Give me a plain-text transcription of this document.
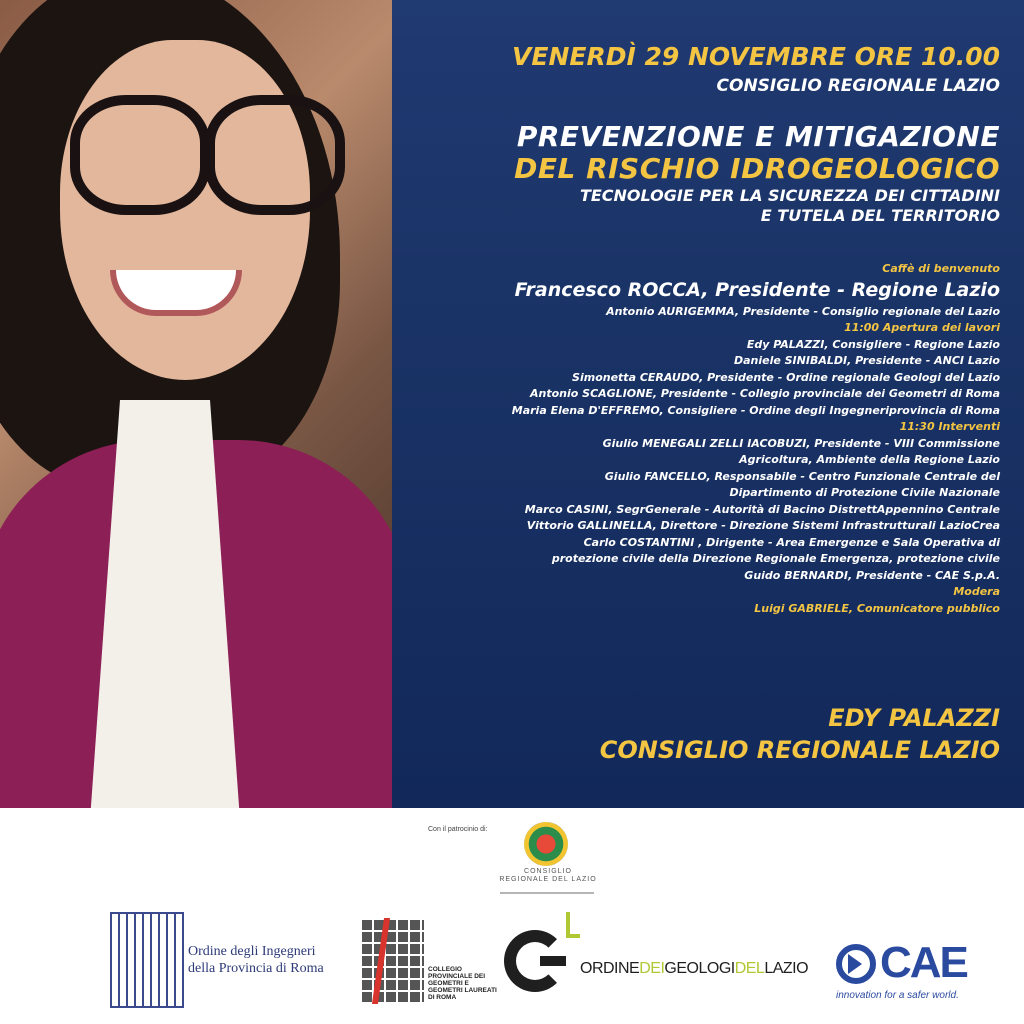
VENERDÌ 29 NOVEMBRE ORE 10.00

CONSIGLIO REGIONALE LAZIO

PREVENZIONE E MITIGAZIONE

DEL RISCHIO IDROGEOLOGICO

TECNOLOGIE PER LA SICUREZZA DEI CITTADINI

E TUTELA DEL TERRITORIO

Caffè di benvenuto

Francesco ROCCA, Presidente - Regione Lazio

Antonio AURIGEMMA, Presidente - Consiglio regionale del Lazio

11:00 Apertura dei lavori

Edy PALAZZI, Consigliere - Regione Lazio

Daniele SINIBALDI, Presidente - ANCI Lazio

Simonetta CERAUDO, Presidente - Ordine regionale Geologi del Lazio

Antonio SCAGLIONE, Presidente - Collegio provinciale dei Geometri di Roma

Maria Elena D'EFFREMO, Consigliere - Ordine degli Ingegneriprovincia di Roma

11:30 Interventi

Giulio MENEGALI ZELLI IACOBUZI, Presidente - VIII Commissione

Agricoltura, Ambiente della Regione Lazio

Giulio FANCELLO, Responsabile - Centro Funzionale Centrale del

Dipartimento di Protezione Civile Nazionale

Marco CASINI, SegrGenerale - Autorità di Bacino DistrettAppennino Centrale

Vittorio GALLINELLA, Direttore - Direzione Sistemi Infrastrutturali LazioCrea

Carlo COSTANTINI , Dirigente - Area Emergenze e Sala Operativa di

protezione civile della Direzione Regionale Emergenza, protezione civile

Guido BERNARDI, Presidente - CAE S.p.A.

Modera

Luigi GABRIELE, Comunicatore pubblico

EDY PALAZZI

CONSIGLIO REGIONALE LAZIO

Con il patrocinio di:
CONSIGLIO REGIONALE DEL LAZIO
Ordine degli Ingegneri della Provincia di Roma	COLLEGIO PROVINCIALE DEI GEOMETRI E GEOMETRI LAUREATI DI ROMA
ORDINEDEIGEOLOGIDELLAZIO CAE
innovation for a safer world.
